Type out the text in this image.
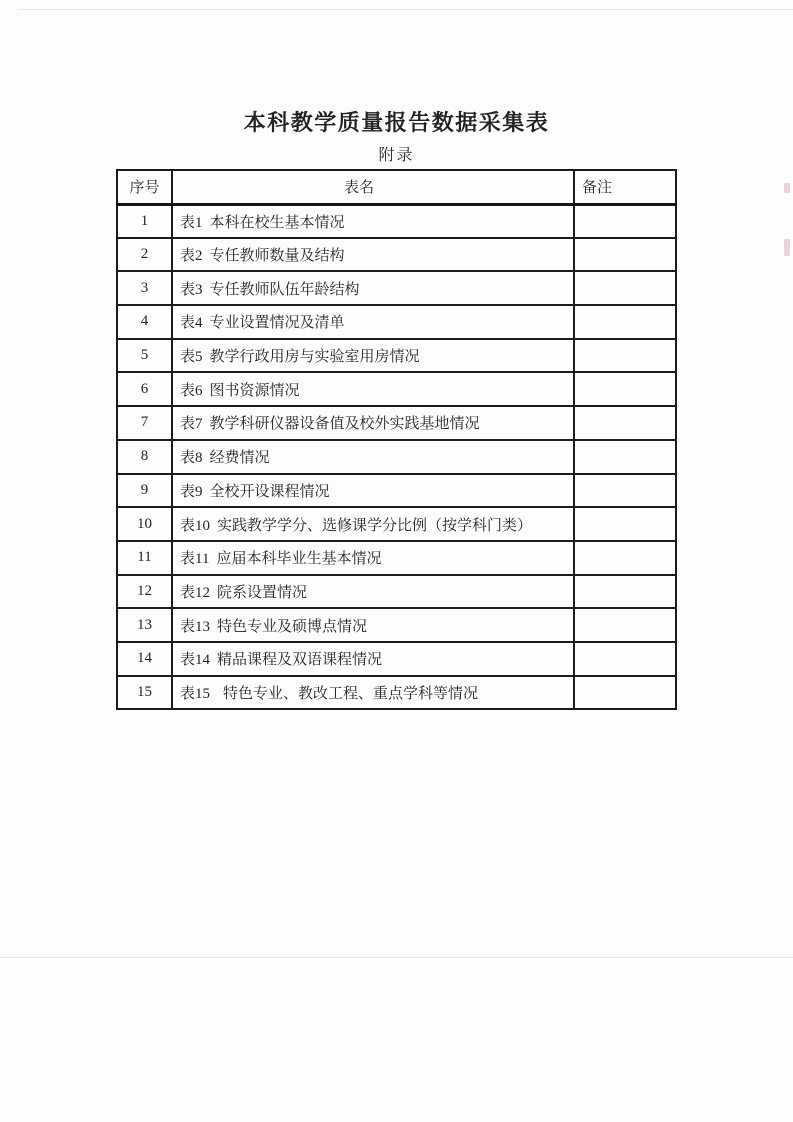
本科教学质量报告数据采集表
附录
序号	表名	备注
1	表1 本科在校生基本情况	
2	表2 专任教师数量及结构	
3	表3 专任教师队伍年龄结构	
4	表4 专业设置情况及清单	
5	表5 教学行政用房与实验室用房情况	
6	表6 图书资源情况	
7	表7 教学科研仪器设备值及校外实践基地情况	
8	表8 经费情况	
9	表9 全校开设课程情况	
10	表10 实践教学学分、选修课学分比例（按学科门类）	
11	表11 应届本科毕业生基本情况	
12	表12 院系设置情况	
13	表13 特色专业及硕博点情况	
14	表14 精品课程及双语课程情况	
15	表15 特色专业、教改工程、重点学科等情况	
